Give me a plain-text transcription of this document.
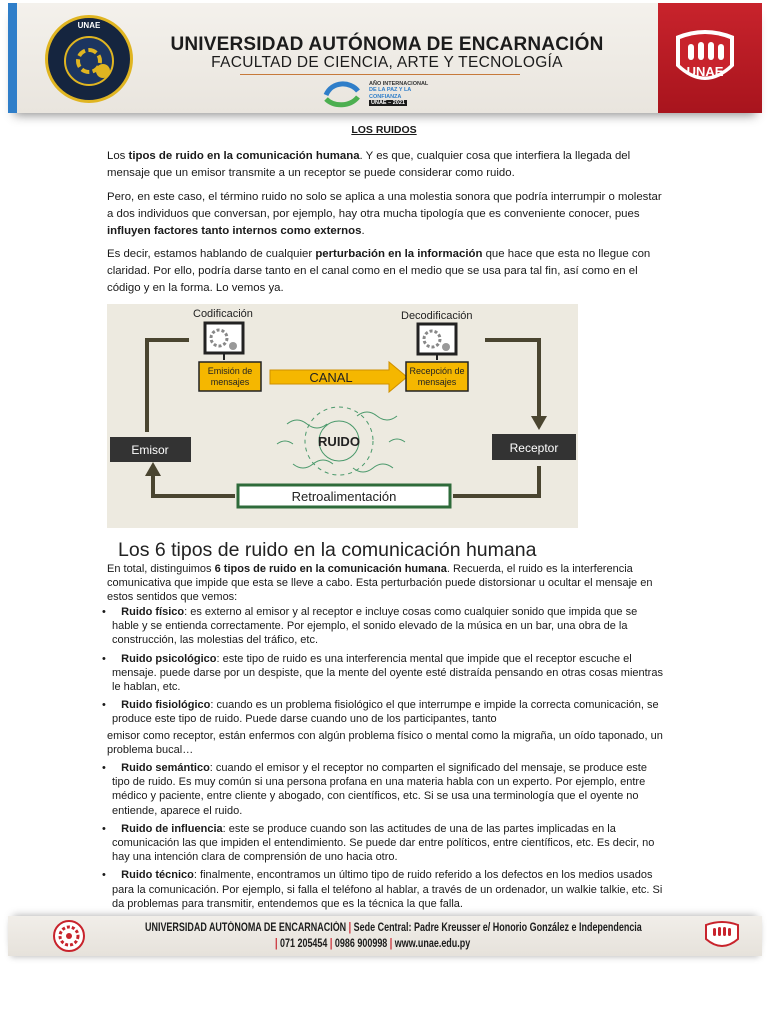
UNAE
UNIVERSIDAD AUTÓNOMA DE ENCARNACIÓN
FACULTAD DE CIENCIA, ARTE Y TECNOLOGÍA
AÑO INTERNACIONAL
DE LA PAZ Y LA
CONFIANZA
UNAE – 2021
UNAE
LOS RUIDOS
Los tipos de ruido en la comunicación humana. Y es que, cualquier cosa que interfiera la llegada del mensaje que un emisor transmite a un receptor se puede considerar como ruido.
Pero, en este caso, el término ruido no solo se aplica a una molestia sonora que podría interrumpir o molestar a dos individuos que conversan, por ejemplo, hay otra mucha tipología que es conveniente conocer, pues influyen factores tanto internos como externos.
Es decir, estamos hablando de cualquier perturbación en la información que hace que esta no llegue con claridad. Por ello, podría darse tanto en el canal como en el medio que se usa para tal fin, así como en el código y en la forma. Lo vemos ya.
Codificación
Emisión de
mensajes	CANAL
Decodificación
Recepción de
mensajes
Emisor	Receptor
RUIDO
Retroalimentación
Los 6 tipos de ruido en la comunicación humana
En total, distinguimos 6 tipos de ruido en la comunicación humana. Recuerda, el ruido es la interferencia comunicativa que impide que esta se lleve a cabo. Esta perturbación puede distorsionar u ocultar el mensaje en estos sentidos que vemos:
• Ruido físico: es externo al emisor y al receptor e incluye cosas como cualquier sonido que impida que se hable y se entienda correctamente. Por ejemplo, el sonido elevado de la música en un bar, una obra de la construcción, las molestias del tráfico, etc.
• Ruido psicológico: este tipo de ruido es una interferencia mental que impide que el receptor escuche el mensaje. puede darse por un despiste, que la mente del oyente esté distraída pensando en otras cosas mientras le hablan, etc.
• Ruido fisiológico: cuando es un problema fisiológico el que interrumpe e impide la correcta comunicación, se produce este tipo de ruido. Puede darse cuando uno de los participantes, tanto
emisor como receptor, están enfermos con algún problema físico o mental como la migraña, un oído taponado, un problema bucal…
• Ruido semántico: cuando el emisor y el receptor no comparten el significado del mensaje, se produce este tipo de ruido. Es muy común si una persona profana en una materia habla con un experto. Por ejemplo, entre médico y paciente, entre cliente y abogado, con científicos, etc. Si se usa una terminología que el oyente no entiende, aparece el ruido.
• Ruido de influencia: este se produce cuando son las actitudes de una de las partes implicadas en la comunicación las que impiden el entendimiento. Se puede dar entre políticos, entre científicos, etc. Es decir, no hay una intención clara de comprensión de uno hacia otro.
• Ruido técnico: finalmente, encontramos un último tipo de ruido referido a los defectos en los medios usados para la comunicación. Por ejemplo, si falla el teléfono al hablar, a través de un ordenador, un walkie talkie, etc. Si da problemas para transmitir, entendemos que es la técnica la que falla.
UNIVERSIDAD AUTÓNOMA DE ENCARNACIÓN | Sede Central: Padre Kreusser e/ Honorio González e Independencia
| 071 205454 | 0986 900998 | www.unae.edu.py
